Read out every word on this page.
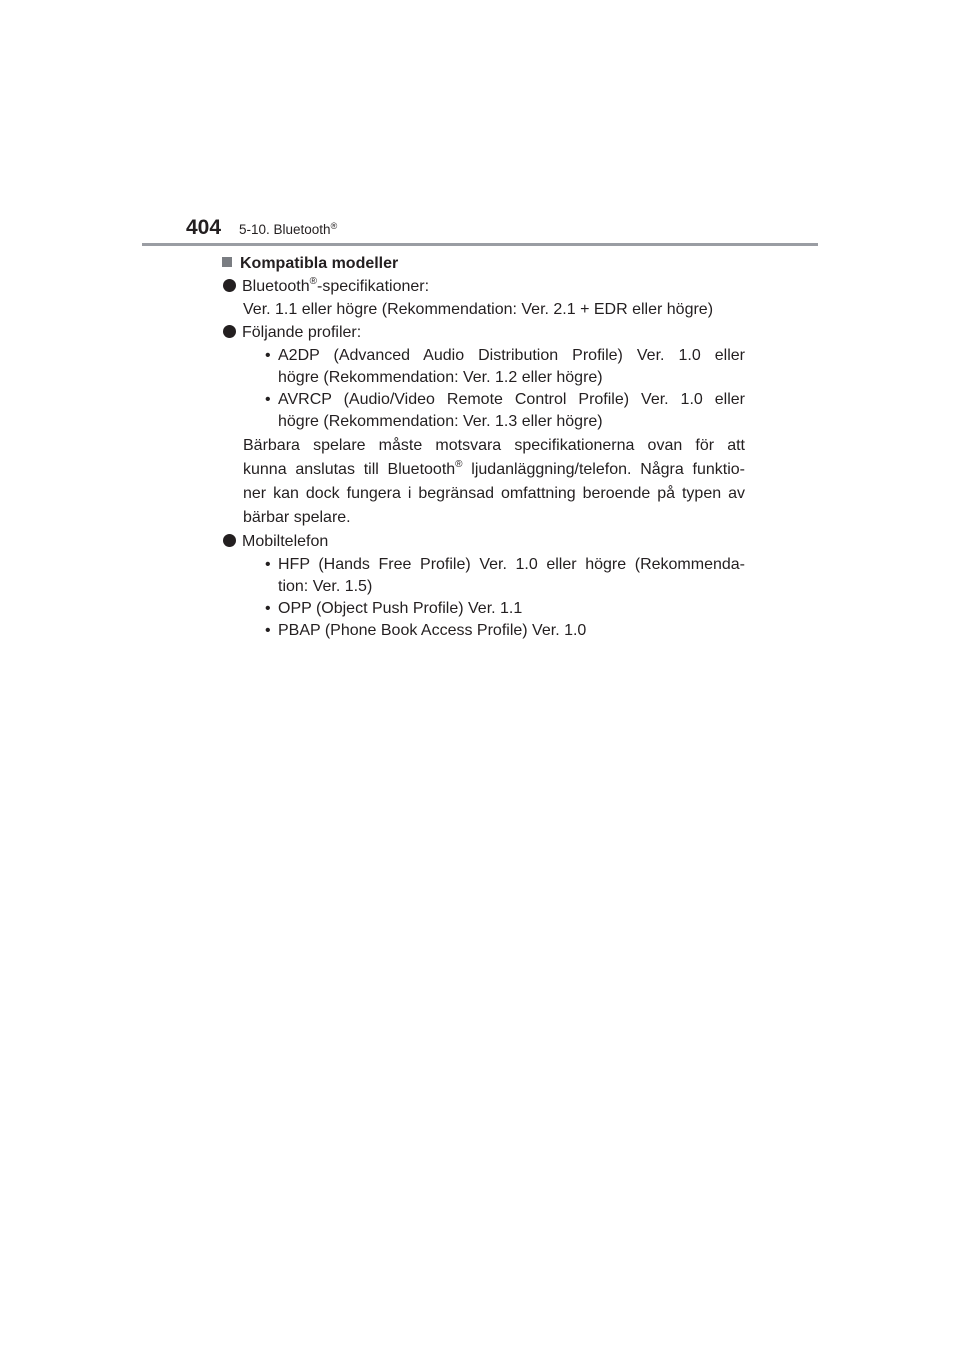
404 5-10. Bluetooth®
Kompatibla modeller
Bluetooth®-specifikationer:
Ver. 1.1 eller högre (Rekommendation: Ver. 2.1 + EDR eller högre)
Följande profiler:
• A2DP (Advanced Audio Distribution Profile) Ver. 1.0 eller
högre (Rekommendation: Ver. 1.2 eller högre)
• AVRCP (Audio/Video Remote Control Profile) Ver. 1.0 eller
högre (Rekommendation: Ver. 1.3 eller högre)
Bärbara spelare måste motsvara specifikationerna ovan för att
kunna anslutas till Bluetooth® ljudanläggning/telefon. Några funktio-
ner kan dock fungera i begränsad omfattning beroende på typen av
bärbar spelare.
Mobiltelefon
• HFP (Hands Free Profile) Ver. 1.0 eller högre (Rekommenda-
tion: Ver. 1.5)
• OPP (Object Push Profile) Ver. 1.1
• PBAP (Phone Book Access Profile) Ver. 1.0
